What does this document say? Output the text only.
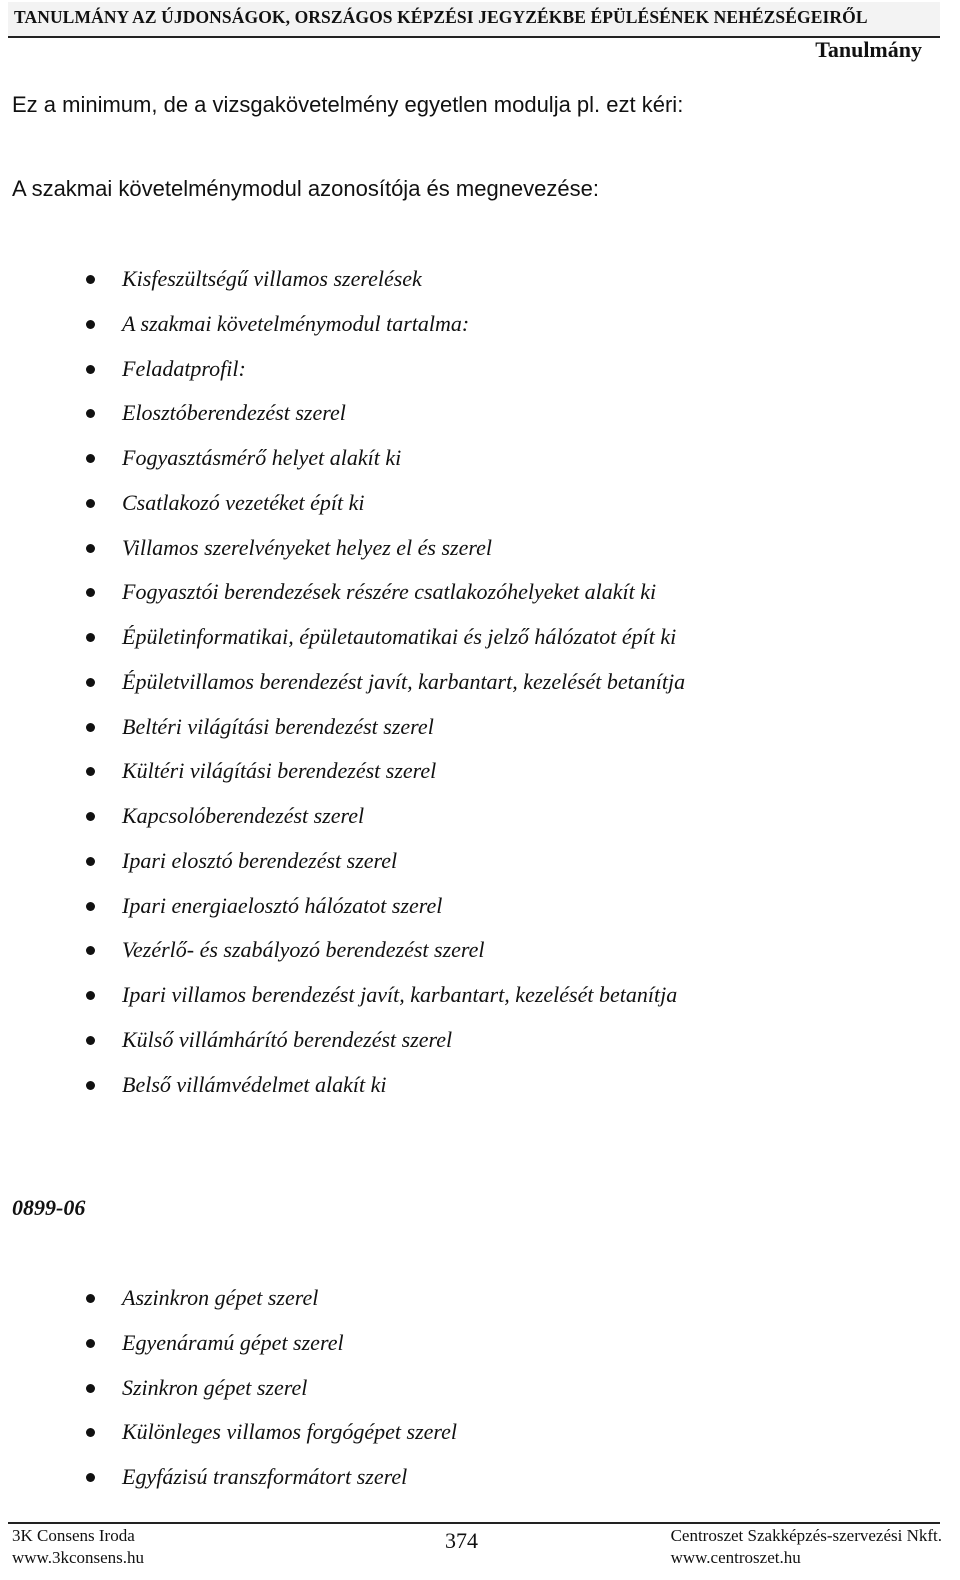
TANULMÁNY AZ ÚJDONSÁGOK, ORSZÁGOS KÉPZÉSI JEGYZÉKBE ÉPÜLÉSÉNEK NEHÉZSÉGEIRŐL
Tanulmány
Ez a minimum, de a vizsgakövetelmény egyetlen modulja pl. ezt kéri:
A szakmai követelménymodul azonosítója és megnevezése:
Kisfeszültségű villamos szerelések
A szakmai követelménymodul tartalma:
Feladatprofil:
Elosztóberendezést szerel
Fogyasztásmérő helyet alakít ki
Csatlakozó vezetéket épít ki
Villamos szerelvényeket helyez el és szerel
Fogyasztói berendezések részére csatlakozóhelyeket alakít ki
Épületinformatikai, épületautomatikai és jelző hálózatot épít ki
Épületvillamos berendezést javít, karbantart, kezelését betanítja
Beltéri világítási berendezést szerel
Kültéri világítási berendezést szerel
Kapcsolóberendezést szerel
Ipari elosztó berendezést szerel
Ipari energiaelosztó hálózatot szerel
Vezérlő- és szabályozó berendezést szerel
Ipari villamos berendezést javít, karbantart, kezelését betanítja
Külső villámhárító berendezést szerel
Belső villámvédelmet alakít ki
0899-06
Aszinkron gépet szerel
Egyenáramú gépet szerel
Szinkron gépet szerel
Különleges villamos forgógépet szerel
Egyfázisú transzformátort szerel
3K Consens Iroda
www.3kconsens.hu
374	Centroszet Szakképzés-szervezési Nkft.
www.centroszet.hu
